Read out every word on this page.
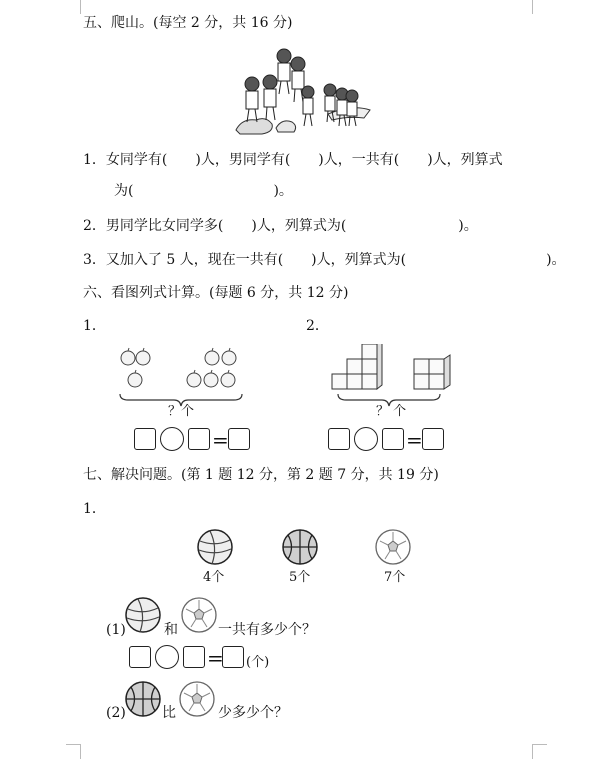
五、爬山。(每空 2 分，共 16 分)
1．女同学有(　　)人，男同学有(　　)人，一共有(　　)人，列算式
为(　　　　　　　　　　)。
2．男同学比女同学多(　　)人，列算式为(　　　　　　　　)。
3．又加入了 5 人，现在一共有(　　)人，列算式为(　　　　　　　　　　)。
六、看图列式计算。(每题 6 分，共 12 分)
1．	2．
？个	？ 个
=	=
七、解决问题。(第 1 题 12 分，第 2 题 7 分，共 19 分)
1．
4个	5个	7个
(1)	和	一共有多少个？
= (个)
(2)	比	少多少个？
